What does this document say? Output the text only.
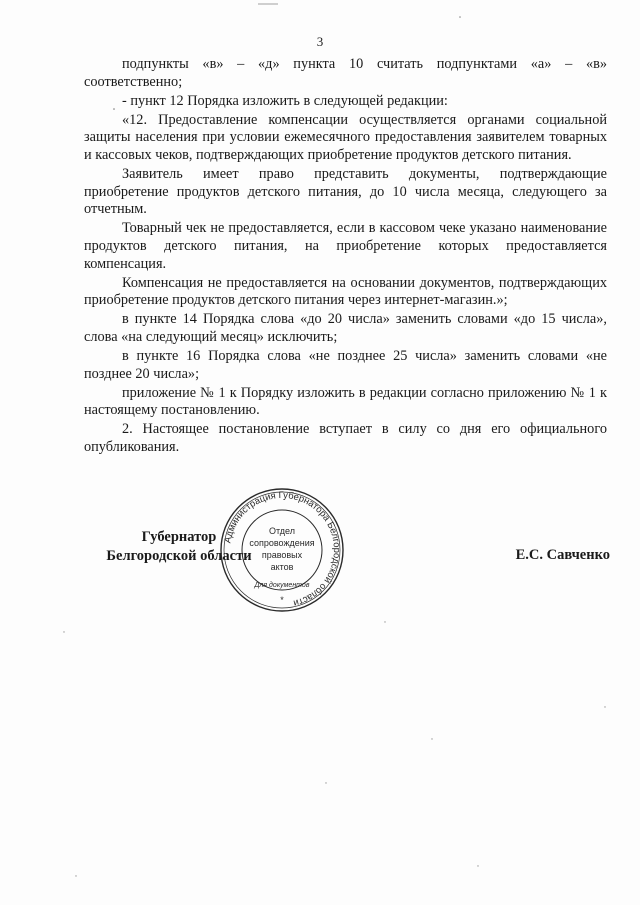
3

подпункты «в» – «д» пункта 10 считать подпунктами «а» – «в» соответственно;

- пункт 12 Порядка изложить в следующей редакции:

«12. Предоставление компенсации осуществляется органами социальной защиты населения при условии ежемесячного предоставления заявителем товарных и кассовых чеков, подтверждающих приобретение продуктов детского питания.

Заявитель имеет право представить документы, подтверждающие приобретение продуктов детского питания, до 10 числа месяца, следующего за отчетным.

Товарный чек не предоставляется, если в кассовом чеке указано наименование продуктов детского питания, на приобретение которых предоставляется компенсация.

Компенсация не предоставляется на основании документов, подтверждающих приобретение продуктов детского питания через интернет-магазин.»;

в пункте 14 Порядка слова «до 20 числа» заменить словами «до 15 числа», слова «на следующий месяц» исключить;

в пункте 16 Порядка слова «не позднее 25 числа» заменить словами «не позднее 20 числа»;

приложение № 1 к Порядку изложить в редакции согласно приложению № 1 к настоящему постановлению.

2. Настоящее постановление вступает в силу со дня его официального опубликования.

Губернатор
Белгородской области	Е.С. Савченко
Администрация Губернатора Белгородской области
Отдел
сопровождения
правовых
актов
Для документов
*
